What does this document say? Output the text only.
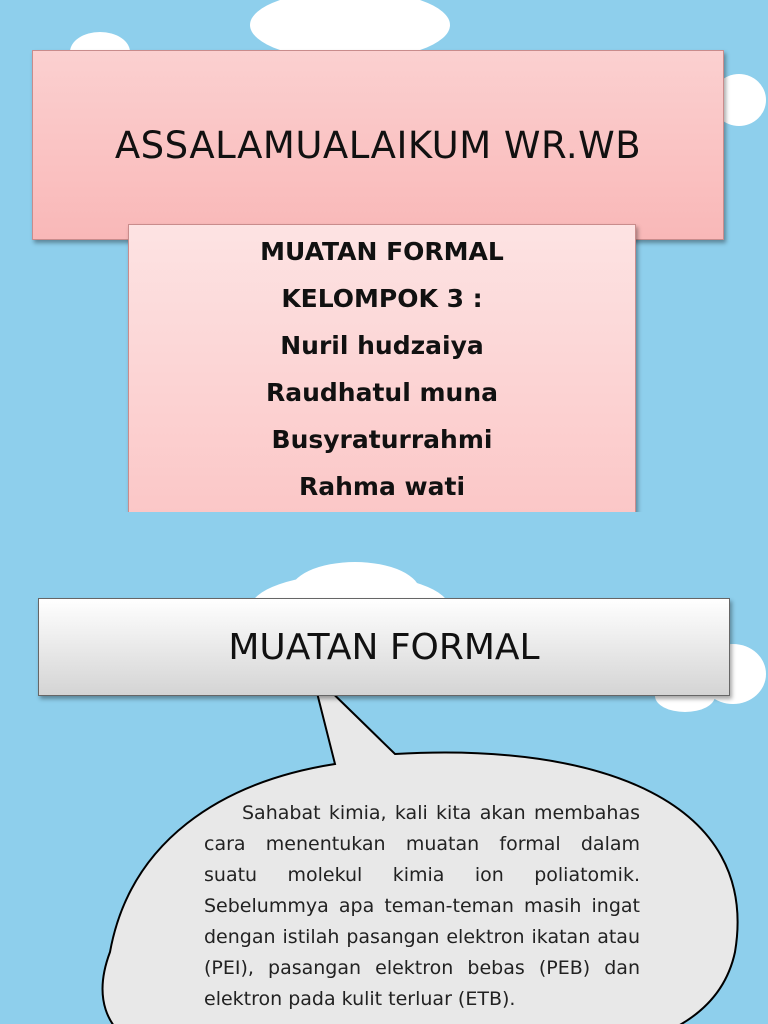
ASSALAMUALAIKUM WR.WB
MUATAN FORMAL
KELOMPOK 3 :
Nuril hudzaiya
Raudhatul muna
Busyraturrahmi
Rahma wati
MUATAN FORMAL
Sahabat kimia, kali kita akan membahas cara menentukan muatan formal dalam suatu molekul kimia ion poliatomik. Sebelummya apa teman-teman masih ingat dengan istilah pasangan elektron ikatan atau (PEI), pasangan elektron bebas (PEB) dan elektron pada kulit terluar (ETB).
